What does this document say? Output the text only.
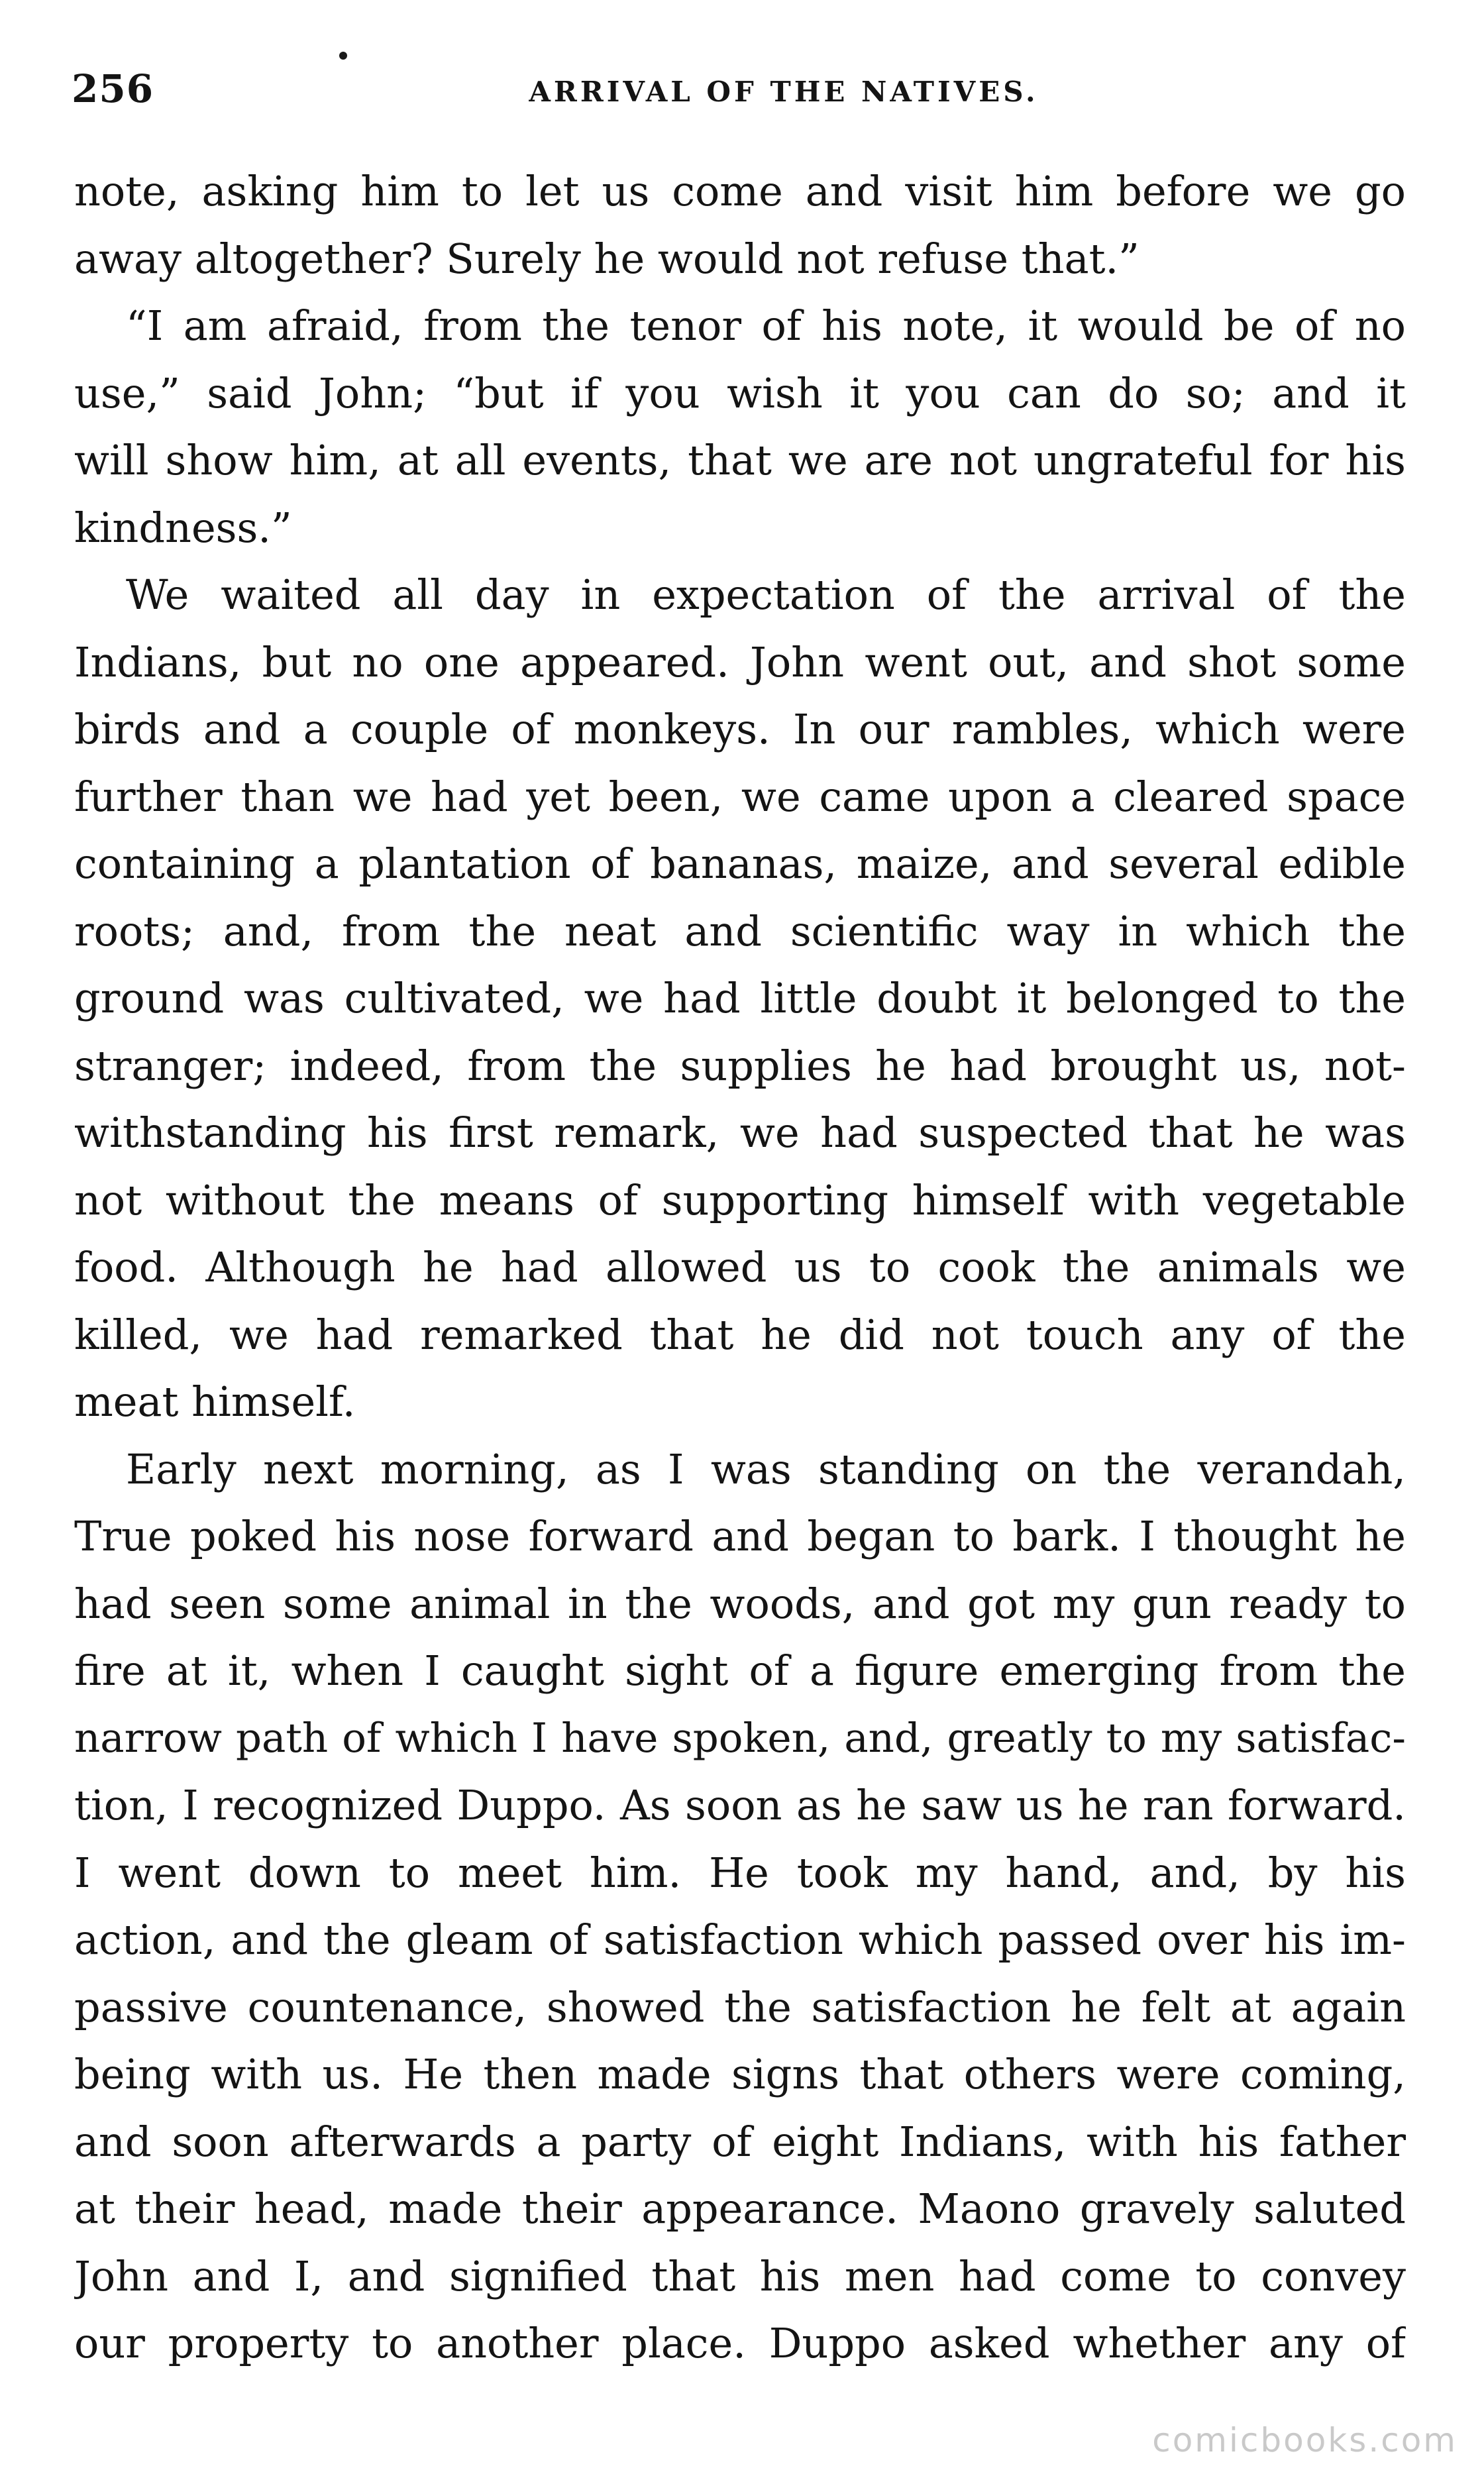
256	ARRIVAL OF THE NATIVES.
note, asking him to let us come and visit him before we go
away altogether? Surely he would not refuse that.”
“I am afraid, from the tenor of his note, it would be of no
use,” said John; “but if you wish it you can do so; and it
will show him, at all events, that we are not ungrateful for his
kindness.”
We waited all day in expectation of the arrival of the
Indians, but no one appeared. John went out, and shot some
birds and a couple of monkeys. In our rambles, which were
further than we had yet been, we came upon a cleared space
containing a plantation of bananas, maize, and several edible
roots; and, from the neat and scientific way in which the
ground was cultivated, we had little doubt it belonged to the
stranger; indeed, from the supplies he had brought us, not-
withstanding his first remark, we had suspected that he was
not without the means of supporting himself with vegetable
food. Although he had allowed us to cook the animals we
killed, we had remarked that he did not touch any of the
meat himself.
Early next morning, as I was standing on the verandah,
True poked his nose forward and began to bark. I thought he
had seen some animal in the woods, and got my gun ready to
fire at it, when I caught sight of a figure emerging from the
narrow path of which I have spoken, and, greatly to my satisfac-
tion, I recognized Duppo. As soon as he saw us he ran forward.
I went down to meet him. He took my hand, and, by his
action, and the gleam of satisfaction which passed over his im-
passive countenance, showed the satisfaction he felt at again
being with us. He then made signs that others were coming,
and soon afterwards a party of eight Indians, with his father
at their head, made their appearance. Maono gravely saluted
John and I, and signified that his men had come to convey
our property to another place. Duppo asked whether any of
comicbooks.com
